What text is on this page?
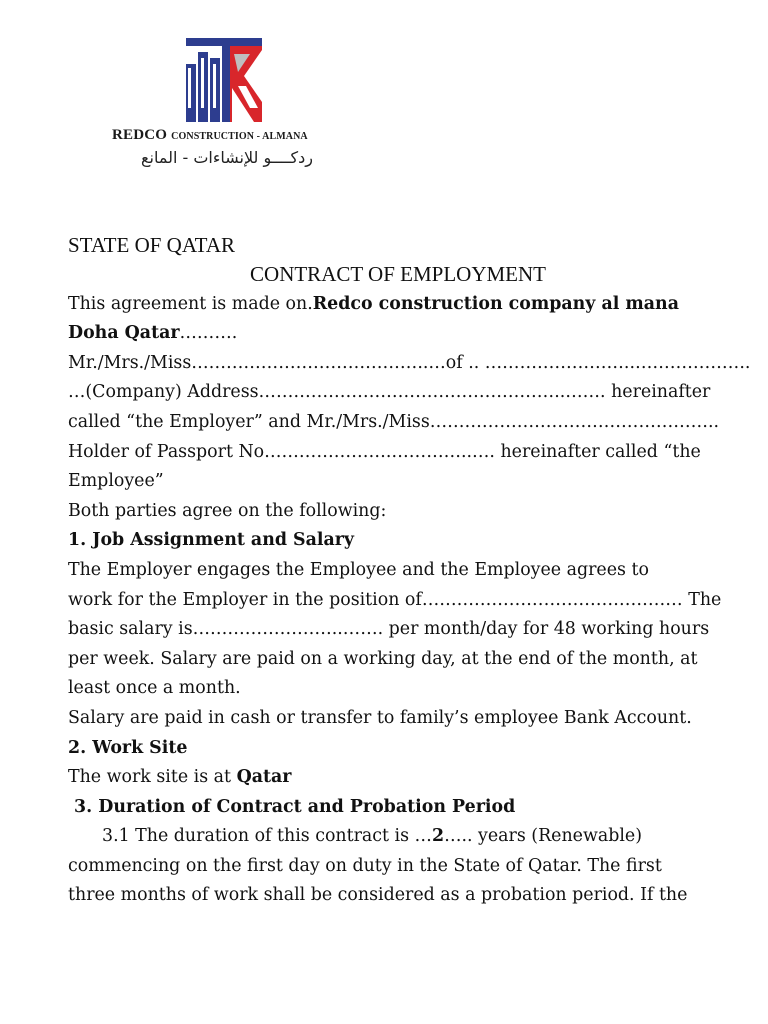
REDCO CONSTRUCTION - ALMANA
ردكــــو للإنشاءات - المانع
STATE OF QATAR
CONTRACT OF EMPLOYMENT
This agreement is made on.Redco construction company al mana
Doha Qatar……….
Mr./Mrs./Miss…………………………………..…of .. ……………………..………………..
…(Company) Address……………………………………………..……. hereinafter
called “the Employer” and Mr./Mrs./Miss…………………………………………..
Holder of Passport No………………….…………..…. hereinafter called “the
Employee”
Both parties agree on the following:
1. Job Assignment and Salary
The Employer engages the Employee and the Employee agrees to
work for the Employer in the position of……………………………………… The
basic salary is……………………..……. per month/day for 48 working hours
per week. Salary are paid on a working day, at the end of the month, at
least once a month.
Salary are paid in cash or transfer to family’s employee Bank Account.
2. Work Site
The work site is at Qatar
3. Duration of Contract and Probation Period
3.1 The duration of this contract is …2….. years (Renewable)
commencing on the first day on duty in the State of Qatar. The first
three months of work shall be considered as a probation period. If the
